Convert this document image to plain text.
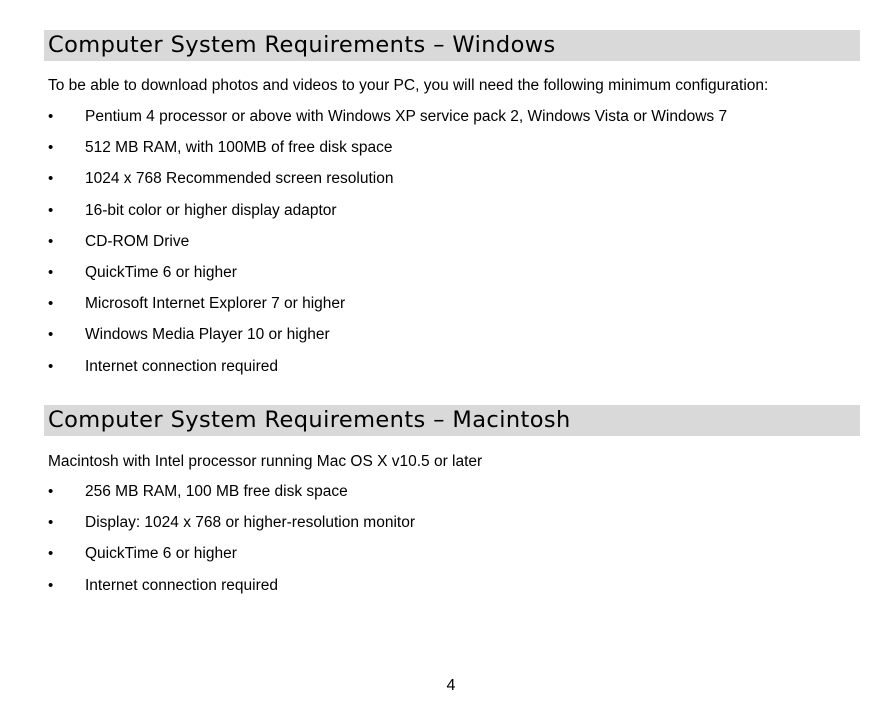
Computer System Requirements – Windows
To be able to download photos and videos to your PC, you will need the following minimum configuration:
•	Pentium 4 processor or above with Windows XP service pack 2, Windows Vista or Windows 7
•	512 MB RAM, with 100MB of free disk space
•	1024 x 768 Recommended screen resolution
•	16-bit color or higher display adaptor
•	CD-ROM Drive
•	QuickTime 6 or higher
•	Microsoft Internet Explorer 7 or higher
•	Windows Media Player 10 or higher
•	Internet connection required
Computer System Requirements – Macintosh
Macintosh with Intel processor running Mac OS X v10.5 or later
•	256 MB RAM, 100 MB free disk space
•	Display: 1024 x 768 or higher-resolution monitor
•	QuickTime 6 or higher
•	Internet connection required
4
